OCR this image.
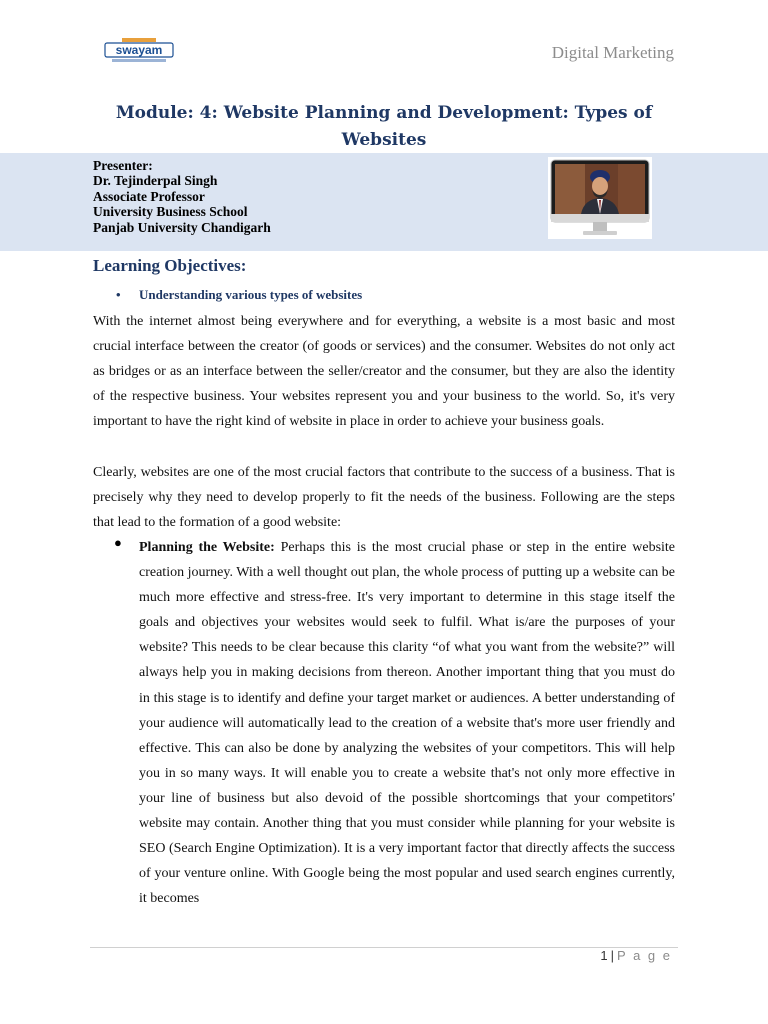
swayam	Digital Marketing
Module: 4: Website Planning and Development: Types of Websites
Presenter:
Dr. Tejinderpal Singh
Associate Professor
University Business School
Panjab University Chandigarh
Learning Objectives:
• Understanding various types of websites
With the internet almost being everywhere and for everything, a website is a most basic and most crucial interface between the creator (of goods or services) and the consumer. Websites do not only act as bridges or as an interface between the seller/creator and the consumer, but they are also the identity of the respective business. Your websites represent you and your business to the world. So, it's very important to have the right kind of website in place in order to achieve your business goals.
Clearly, websites are one of the most crucial factors that contribute to the success of a business. That is precisely why they need to develop properly to fit the needs of the business. Following are the steps that lead to the formation of a good website:
● Planning the Website: Perhaps this is the most crucial phase or step in the entire website creation journey. With a well thought out plan, the whole process of putting up a website can be much more effective and stress-free. It's very important to determine in this stage itself the goals and objectives your websites would seek to fulfil. What is/are the purposes of your website? This needs to be clear because this clarity “of what you want from the website?” will always help you in making decisions from thereon. Another important thing that you must do in this stage is to identify and define your target market or audiences. A better understanding of your audience will automatically lead to the creation of a website that's more user friendly and effective. This can also be done by analyzing the websites of your competitors. This will help you in so many ways. It will enable you to create a website that's not only more effective in your line of business but also devoid of the possible shortcomings that your competitors' website may contain. Another thing that you must consider while planning for your website is SEO (Search Engine Optimization). It is a very important factor that directly affects the success of your venture online. With Google being the most popular and used search engines currently, it becomes
1 | P a g e
